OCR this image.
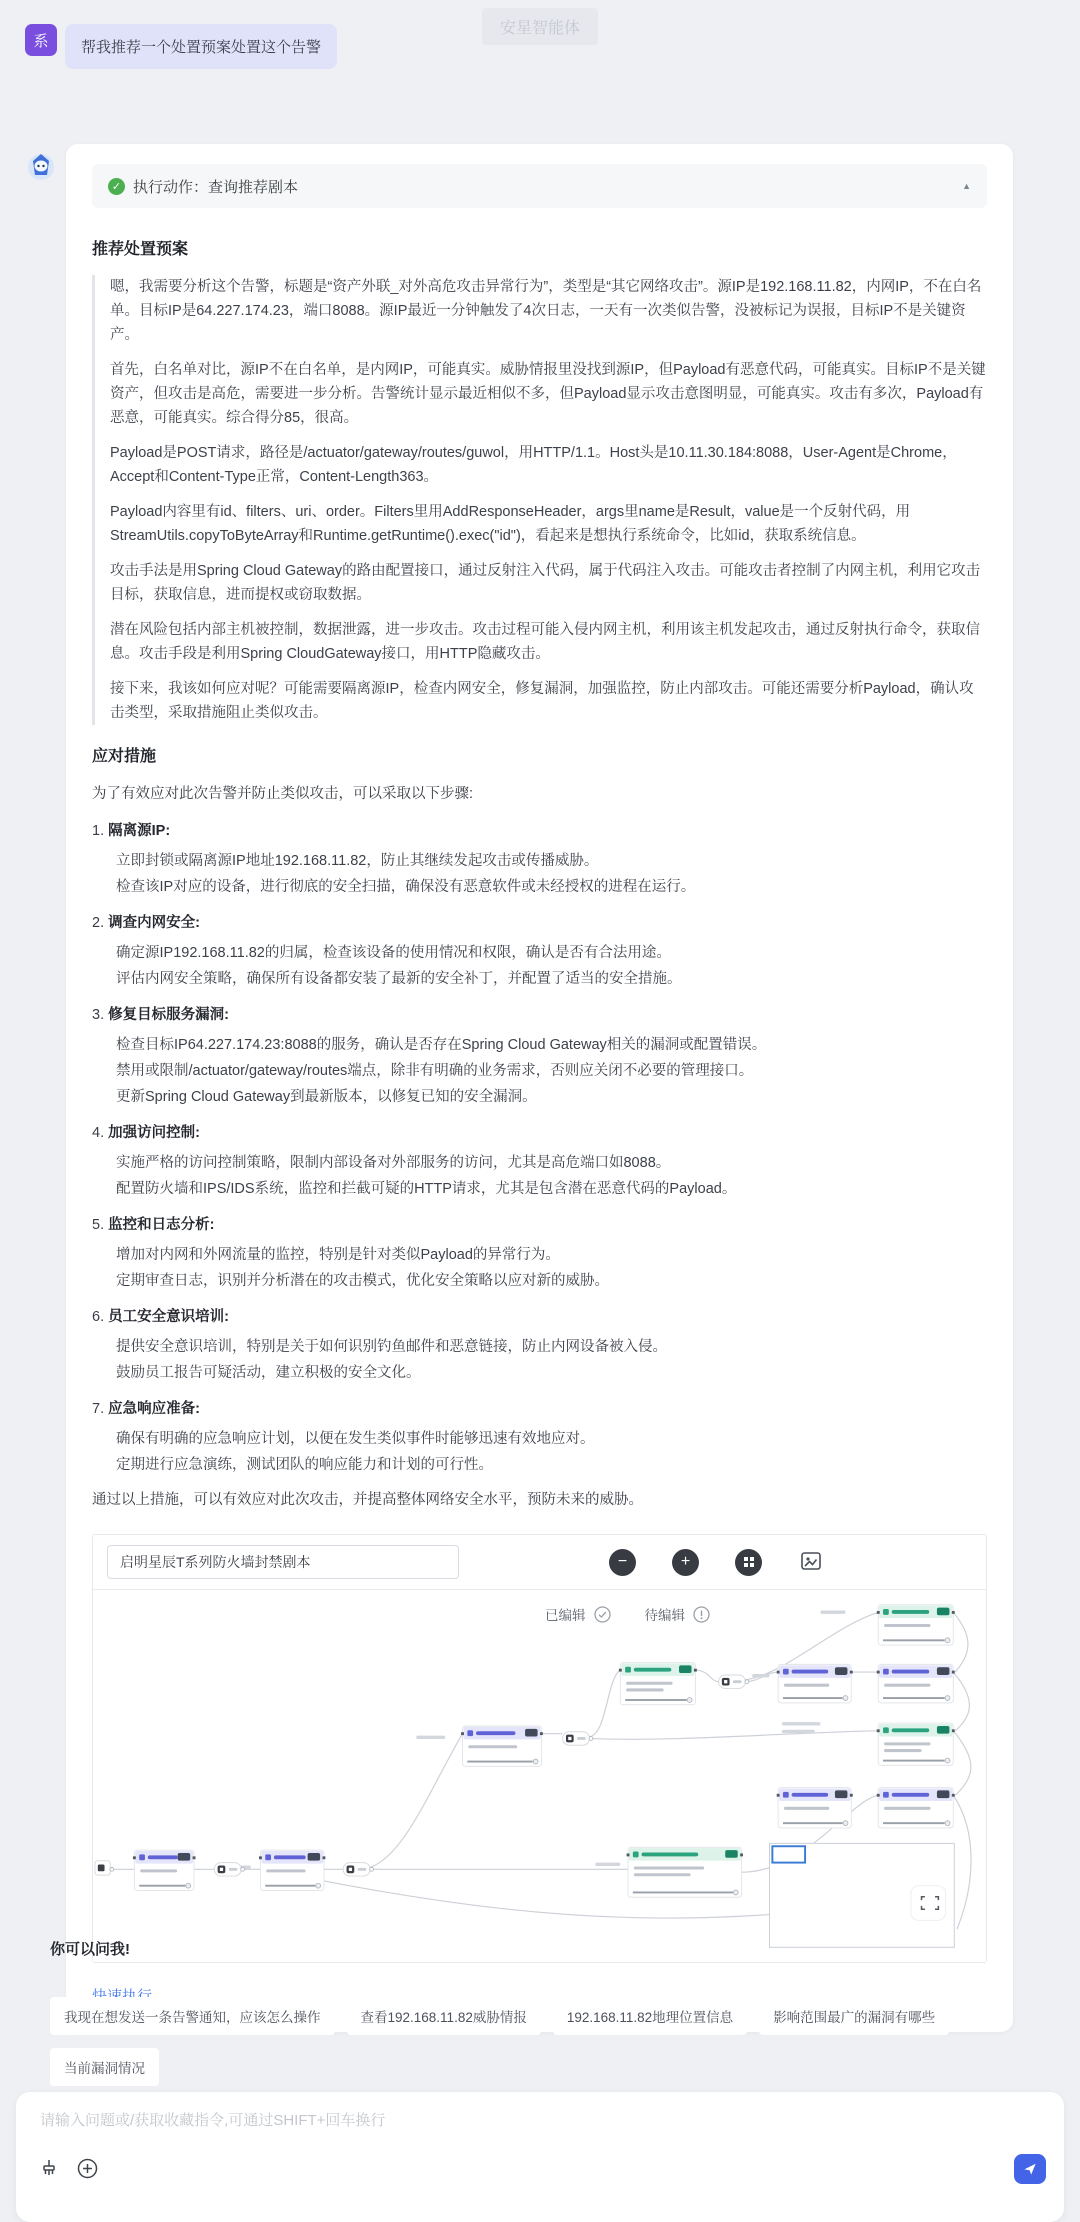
安星智能体
系	帮我推荐一个处置预案处置这个告警
✓ 执行动作：查询推荐剧本	▲
推荐处置预案

嗯，我需要分析这个告警，标题是“资产外联_对外高危攻击异常行为”，类型是“其它网络攻击”。源IP是192.168.11.82，内网IP，不在白名单。目标IP是64.227.174.23，端口8088。源IP最近一分钟触发了4次日志，一天有一次类似告警，没被标记为误报，目标IP不是关键资产。

首先，白名单对比，源IP不在白名单，是内网IP，可能真实。威胁情报里没找到源IP，但Payload有恶意代码，可能真实。目标IP不是关键资产，但攻击是高危，需要进一步分析。告警统计显示最近相似不多，但Payload显示攻击意图明显，可能真实。攻击有多次，Payload有恶意，可能真实。综合得分85，很高。

Payload是POST请求，路径是/actuator/gateway/routes/guwol，用HTTP/1.1。Host头是10.11.30.184:8088，User-Agent是Chrome，Accept和Content-Type正常，Content-Length363。

Payload内容里有id、filters、uri、order。Filters里用AddResponseHeader，args里name是Result，value是一个反射代码，用StreamUtils.copyToByteArray和Runtime.getRuntime().exec("id")，看起来是想执行系统命令，比如id，获取系统信息。

攻击手法是用Spring Cloud Gateway的路由配置接口，通过反射注入代码，属于代码注入攻击。可能攻击者控制了内网主机，利用它攻击目标，获取信息，进而提权或窃取数据。

潜在风险包括内部主机被控制，数据泄露，进一步攻击。攻击过程可能入侵内网主机，利用该主机发起攻击，通过反射执行命令，获取信息。攻击手段是利用Spring CloudGateway接口，用HTTP隐藏攻击。

接下来，我该如何应对呢？可能需要隔离源IP，检查内网安全，修复漏洞，加强监控，防止内部攻击。可能还需要分析Payload，确认攻击类型，采取措施阻止类似攻击。

应对措施

为了有效应对此次告警并防止类似攻击，可以采取以下步骤:

隔离源IP:
立即封锁或隔离源IP地址192.168.11.82，防止其继续发起攻击或传播威胁。
检查该IP对应的设备，进行彻底的安全扫描，确保没有恶意软件或未经授权的进程在运行。
调查内网安全:
确定源IP192.168.11.82的归属，检查该设备的使用情况和权限，确认是否有合法用途。
评估内网安全策略，确保所有设备都安装了最新的安全补丁，并配置了适当的安全措施。
修复目标服务漏洞:
检查目标IP64.227.174.23:8088的服务，确认是否存在Spring Cloud Gateway相关的漏洞或配置错误。
禁用或限制/actuator/gateway/routes端点，除非有明确的业务需求，否则应关闭不必要的管理接口。
更新Spring Cloud Gateway到最新版本，以修复已知的安全漏洞。
加强访问控制:
实施严格的访问控制策略，限制内部设备对外部服务的访问，尤其是高危端口如8088。
配置防火墙和IPS/IDS系统，监控和拦截可疑的HTTP请求，尤其是包含潜在恶意代码的Payload。
监控和日志分析:
增加对内网和外网流量的监控，特别是针对类似Payload的异常行为。
定期审查日志，识别并分析潜在的攻击模式，优化安全策略以应对新的威胁。
员工安全意识培训:
提供安全意识培训，特别是关于如何识别钓鱼邮件和恶意链接，防止内网设备被入侵。
鼓励员工报告可疑活动，建立积极的安全文化。
应急响应准备:
确保有明确的应急响应计划，以便在发生类似事件时能够迅速有效地应对。
定期进行应急演练，测试团队的响应能力和计划的可行性。

通过以上措施，可以有效应对此次攻击，并提高整体网络安全水平，预防未来的威胁。

启明星辰T系列防火墙封禁剧本
−	+
已编辑	待编辑
你可以问我!
我现在想发送一条告警通知，应该怎么操作	查看192.168.11.82威胁情报	192.168.11.82地理位置信息	影响范围最广的漏洞有哪些
当前漏洞情况
请输入问题或/获取收藏指令,可通过SHIFT+回车换行
